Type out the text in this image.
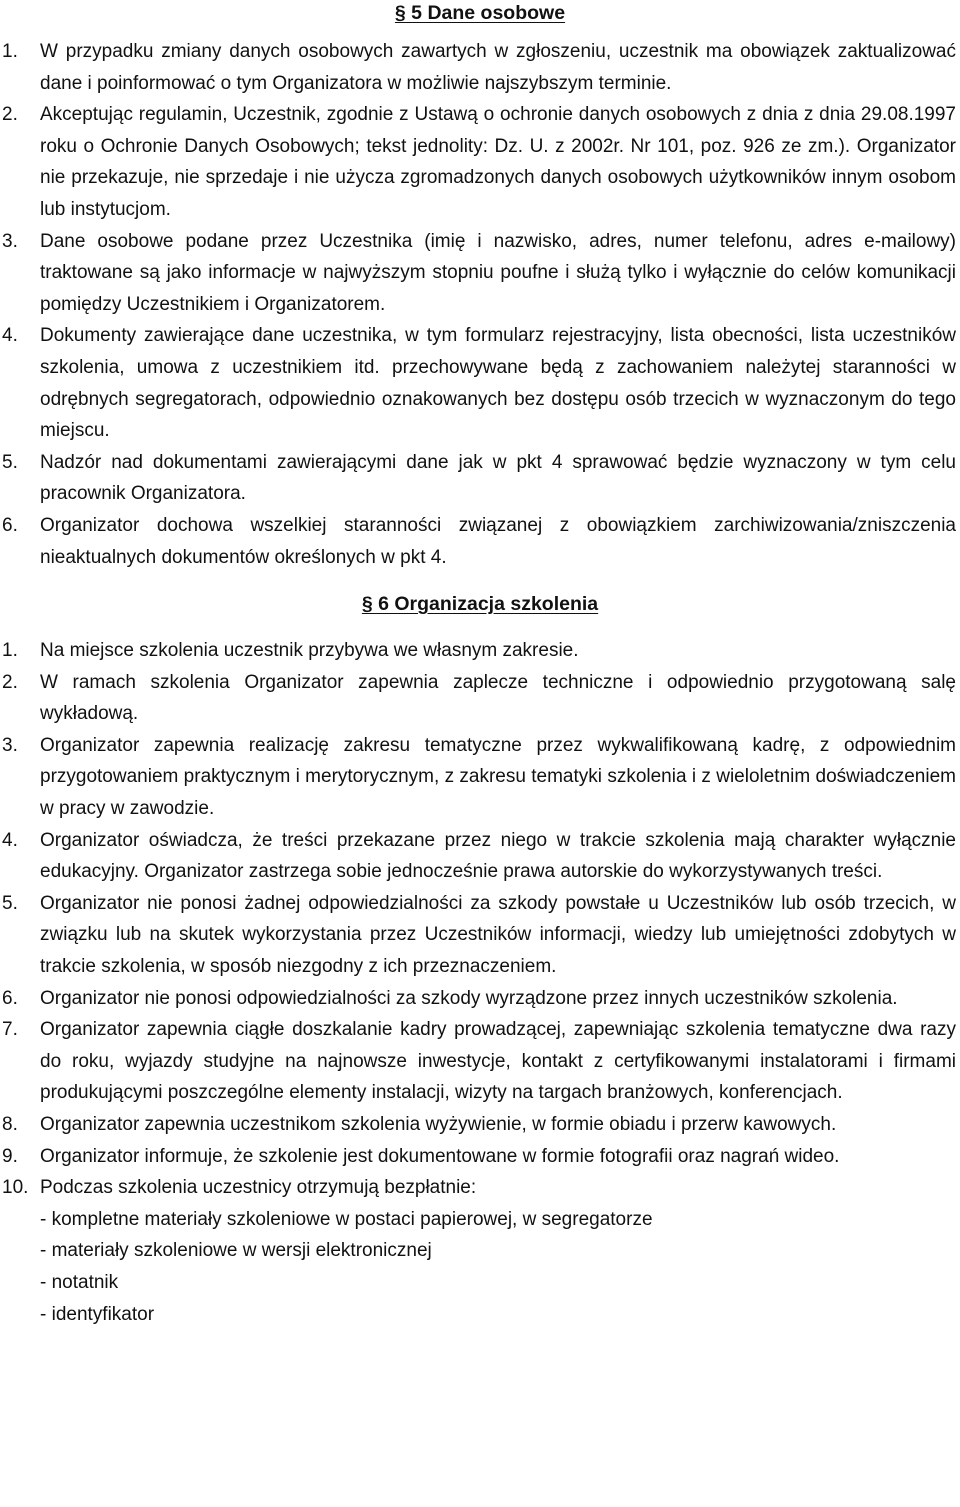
§ 5 Dane osobowe
1. W przypadku zmiany danych osobowych zawartych w zgłoszeniu, uczestnik ma obowiązek zaktualizować dane i poinformować o tym Organizatora w możliwie najszybszym terminie.
2. Akceptując regulamin, Uczestnik, zgodnie z Ustawą o ochronie danych osobowych z dnia z dnia 29.08.1997 roku o Ochronie Danych Osobowych; tekst jednolity: Dz. U. z 2002r. Nr 101, poz. 926 ze zm.). Organizator nie przekazuje, nie sprzedaje i nie użycza zgromadzonych danych osobowych użytkowników innym osobom lub instytucjom.
3. Dane osobowe podane przez Uczestnika (imię i nazwisko, adres, numer telefonu, adres e-mailowy) traktowane są jako informacje w najwyższym stopniu poufne i służą tylko i wyłącznie do celów komunikacji pomiędzy Uczestnikiem i Organizatorem.
4. Dokumenty zawierające dane uczestnika, w tym formularz rejestracyjny, lista obecności, lista uczestników szkolenia, umowa z uczestnikiem itd. przechowywane będą z zachowaniem należytej staranności w odrębnych segregatorach, odpowiednio oznakowanych bez dostępu osób trzecich w wyznaczonym do tego miejscu.
5. Nadzór nad dokumentami zawierającymi dane jak w pkt 4 sprawować będzie wyznaczony w tym celu pracownik Organizatora.
6. Organizator dochowa wszelkiej staranności związanej z obowiązkiem zarchiwizowania/zniszczenia nieaktualnych dokumentów określonych w pkt 4.
§ 6 Organizacja szkolenia
1. Na miejsce szkolenia uczestnik przybywa we własnym zakresie.
2. W ramach szkolenia Organizator zapewnia zaplecze techniczne i odpowiednio przygotowaną salę wykładową.
3. Organizator zapewnia realizację zakresu tematyczne przez wykwalifikowaną kadrę, z odpowiednim przygotowaniem praktycznym i merytorycznym, z zakresu tematyki szkolenia i z wieloletnim doświadczeniem w pracy w zawodzie.
4. Organizator oświadcza, że treści przekazane przez niego w trakcie szkolenia mają charakter wyłącznie edukacyjny. Organizator zastrzega sobie jednocześnie prawa autorskie do wykorzystywanych treści.
5. Organizator nie ponosi żadnej odpowiedzialności za szkody powstałe u Uczestników lub osób trzecich, w związku lub na skutek wykorzystania przez Uczestników informacji, wiedzy lub umiejętności zdobytych w trakcie szkolenia, w sposób niezgodny z ich przeznaczeniem.
6. Organizator nie ponosi odpowiedzialności za szkody wyrządzone przez innych uczestników szkolenia.
7. Organizator zapewnia ciągłe doszkalanie kadry prowadzącej, zapewniając szkolenia tematyczne dwa razy do roku, wyjazdy studyjne na najnowsze inwestycje, kontakt z certyfikowanymi instalatorami i firmami produkującymi poszczególne elementy instalacji, wizyty na targach branżowych, konferencjach.
8. Organizator zapewnia uczestnikom szkolenia wyżywienie, w formie obiadu i przerw kawowych.
9. Organizator informuje, że szkolenie jest dokumentowane w formie fotografii oraz nagrań wideo.
10. Podczas szkolenia uczestnicy otrzymują bezpłatnie:
- kompletne materiały szkoleniowe w postaci papierowej, w segregatorze
- materiały szkoleniowe w wersji elektronicznej
- notatnik
- identyfikator
